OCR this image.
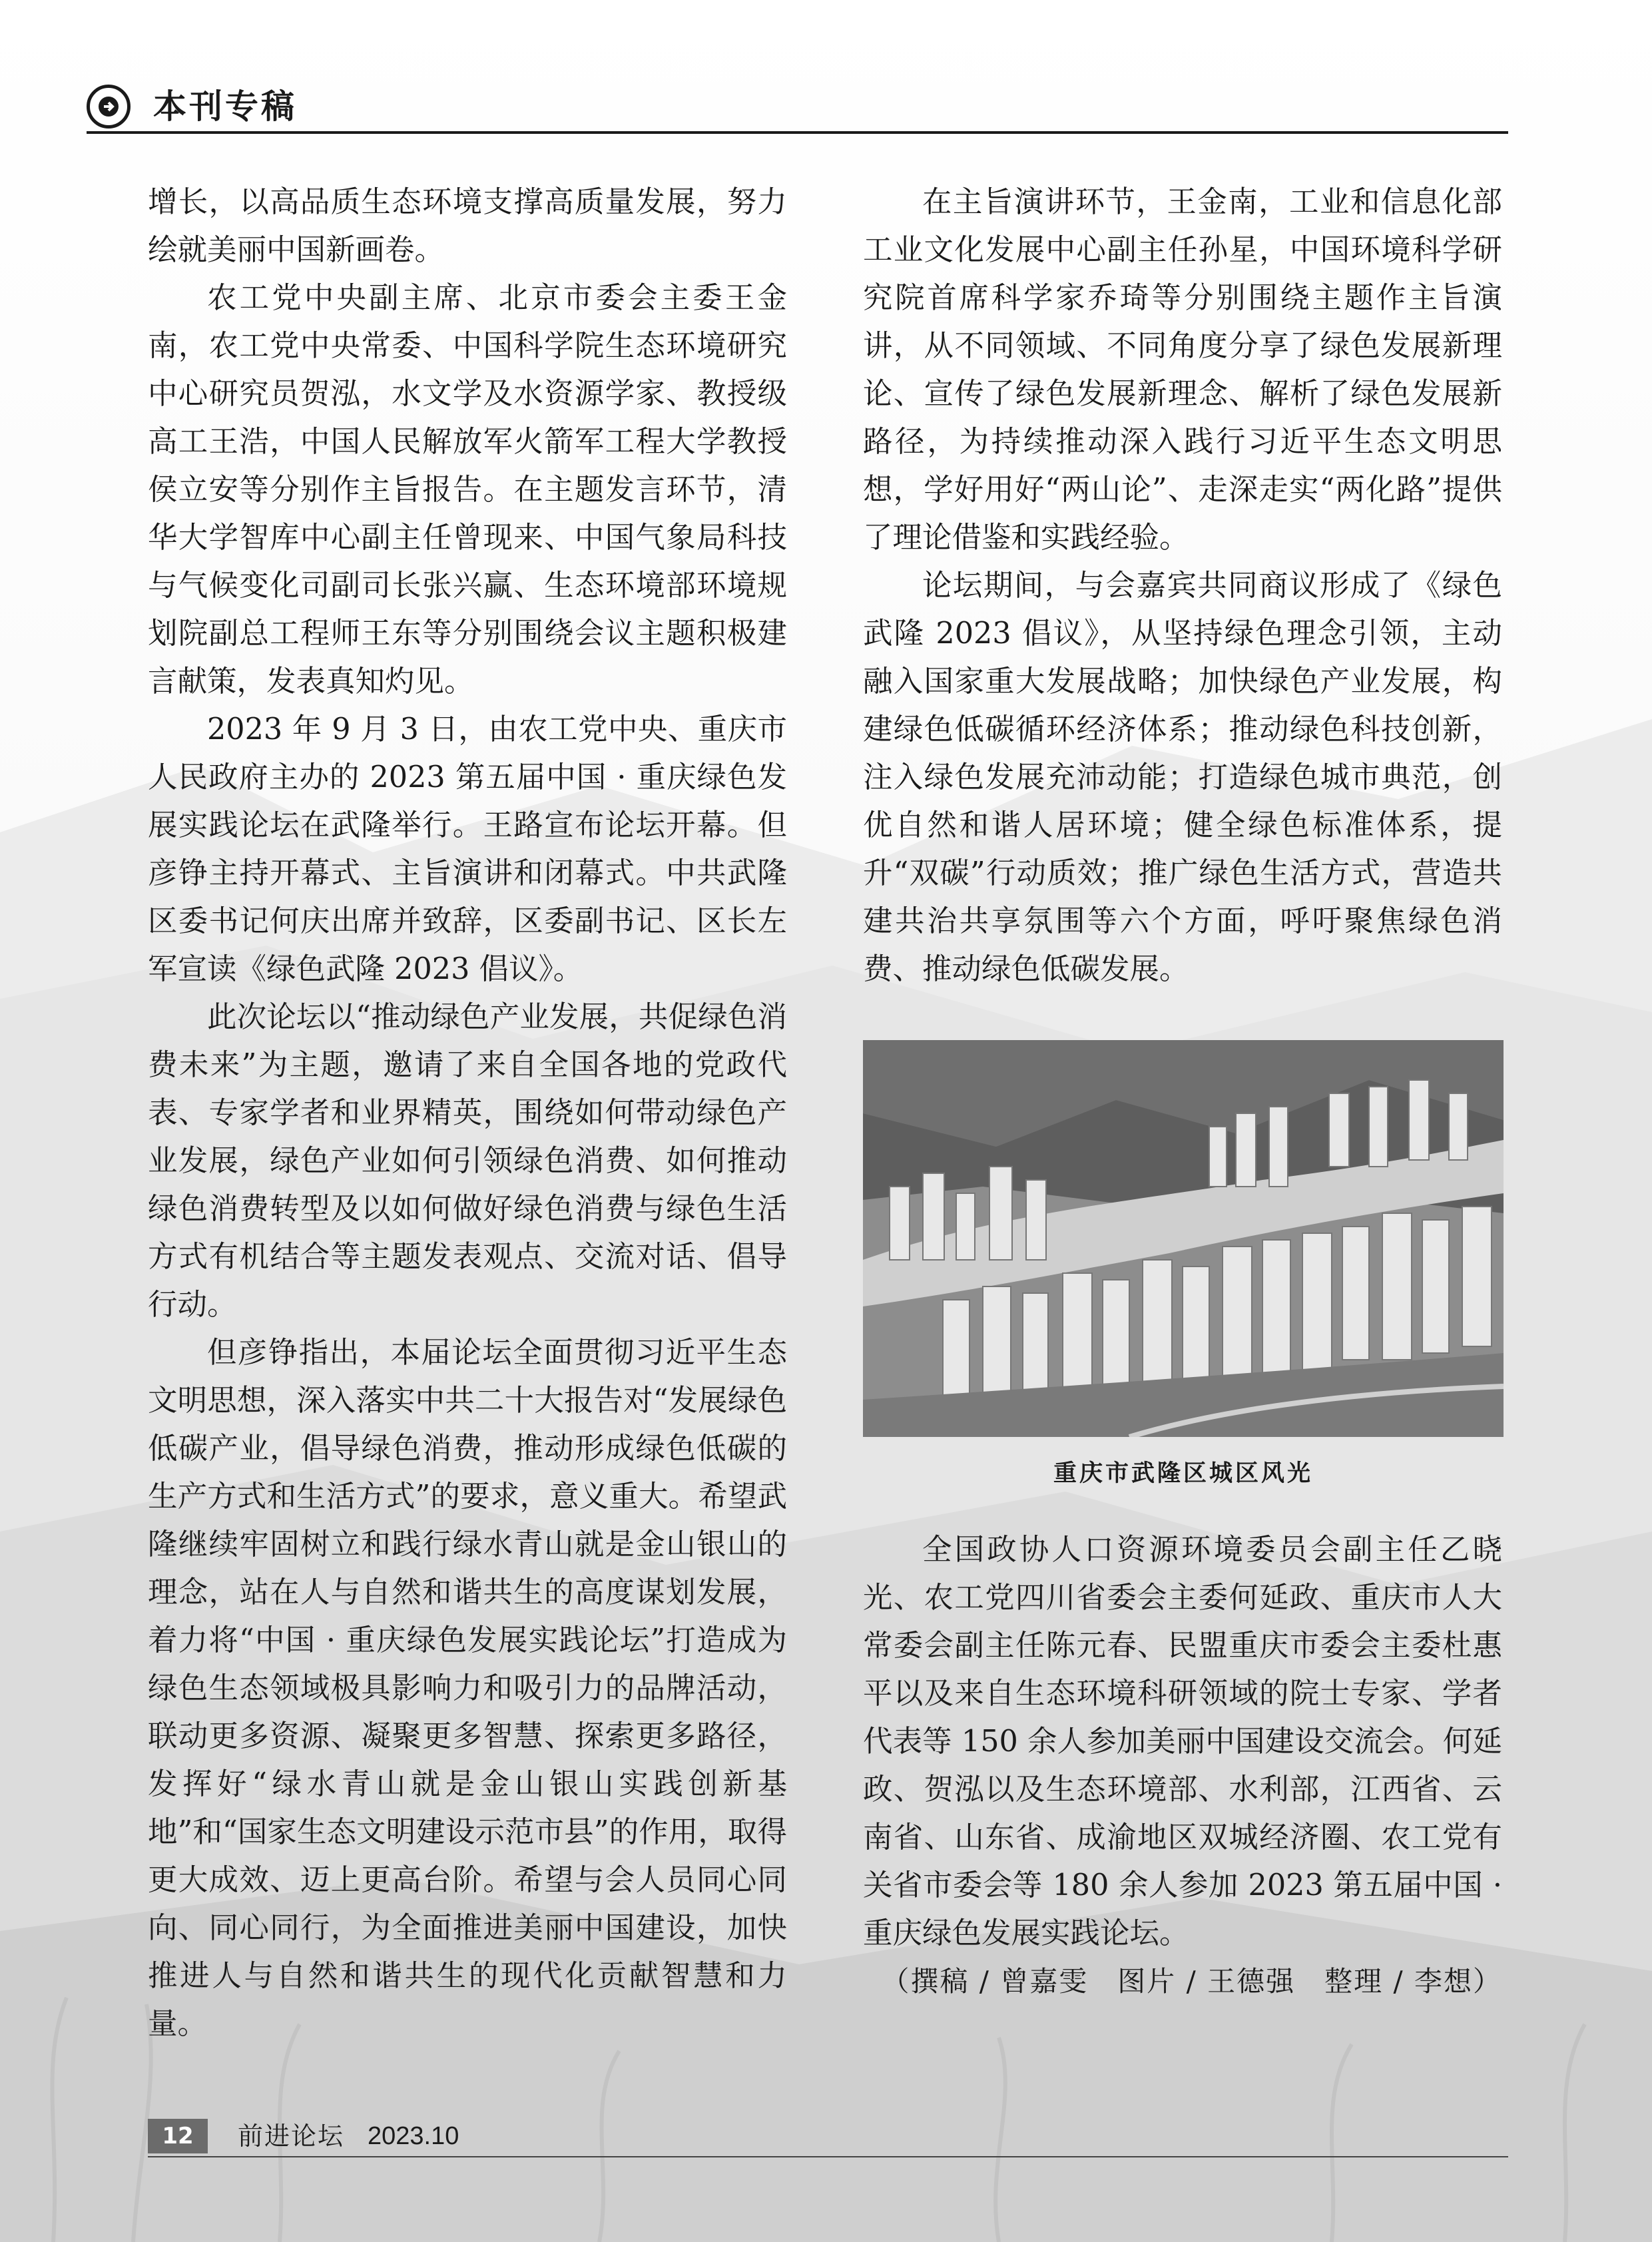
本刊专稿

增长，以高品质生态环境支撑高质量发展，努力绘就美丽中国新画卷。

农工党中央副主席、北京市委会主委王金南，农工党中央常委、中国科学院生态环境研究中心研究员贺泓，水文学及水资源学家、教授级高工王浩，中国人民解放军火箭军工程大学教授侯立安等分别作主旨报告。在主题发言环节，清华大学智库中心副主任曾现来、中国气象局科技与气候变化司副司长张兴赢、生态环境部环境规划院副总工程师王东等分别围绕会议主题积极建言献策，发表真知灼见。

2023 年 9 月 3 日，由农工党中央、重庆市人民政府主办的 2023 第五届中国 · 重庆绿色发展实践论坛在武隆举行。王路宣布论坛开幕。但彦铮主持开幕式、主旨演讲和闭幕式。中共武隆区委书记何庆出席并致辞，区委副书记、区长左军宣读《绿色武隆 2023 倡议》。

此次论坛以“推动绿色产业发展，共促绿色消费未来”为主题，邀请了来自全国各地的党政代表、专家学者和业界精英，围绕如何带动绿色产业发展，绿色产业如何引领绿色消费、如何推动绿色消费转型及以如何做好绿色消费与绿色生活方式有机结合等主题发表观点、交流对话、倡导行动。

但彦铮指出，本届论坛全面贯彻习近平生态文明思想，深入落实中共二十大报告对“发展绿色低碳产业，倡导绿色消费，推动形成绿色低碳的生产方式和生活方式”的要求，意义重大。希望武隆继续牢固树立和践行绿水青山就是金山银山的理念，站在人与自然和谐共生的高度谋划发展，着力将“中国 · 重庆绿色发展实践论坛”打造成为绿色生态领域极具影响力和吸引力的品牌活动，联动更多资源、凝聚更多智慧、探索更多路径，发挥好“绿水青山就是金山银山实践创新基地”和“国家生态文明建设示范市县”的作用，取得更大成效、迈上更高台阶。希望与会人员同心同向、同心同行，为全面推进美丽中国建设，加快推进人与自然和谐共生的现代化贡献智慧和力量。

在主旨演讲环节，王金南，工业和信息化部工业文化发展中心副主任孙星，中国环境科学研究院首席科学家乔琦等分别围绕主题作主旨演讲，从不同领域、不同角度分享了绿色发展新理论、宣传了绿色发展新理念、解析了绿色发展新路径，为持续推动深入践行习近平生态文明思想，学好用好“两山论”、走深走实“两化路”提供了理论借鉴和实践经验。

论坛期间，与会嘉宾共同商议形成了《绿色武隆 2023 倡议》，从坚持绿色理念引领，主动融入国家重大发展战略；加快绿色产业发展，构建绿色低碳循环经济体系；推动绿色科技创新，注入绿色发展充沛动能；打造绿色城市典范，创优自然和谐人居环境；健全绿色标准体系，提升“双碳”行动质效；推广绿色生活方式，营造共建共治共享氛围等六个方面，呼吁聚焦绿色消费、推动绿色低碳发展。

重庆市武隆区城区风光

全国政协人口资源环境委员会副主任乙晓光、农工党四川省委会主委何延政、重庆市人大常委会副主任陈元春、民盟重庆市委会主委杜惠平以及来自生态环境科研领域的院士专家、学者代表等 150 余人参加美丽中国建设交流会。何延政、贺泓以及生态环境部、水利部，江西省、云南省、山东省、成渝地区双城经济圈、农工党有关省市委会等 180 余人参加 2023 第五届中国 · 重庆绿色发展实践论坛。

（撰稿 / 曾嘉雯　图片 / 王德强　整理 / 李想）

12	前进论坛 2023.10
